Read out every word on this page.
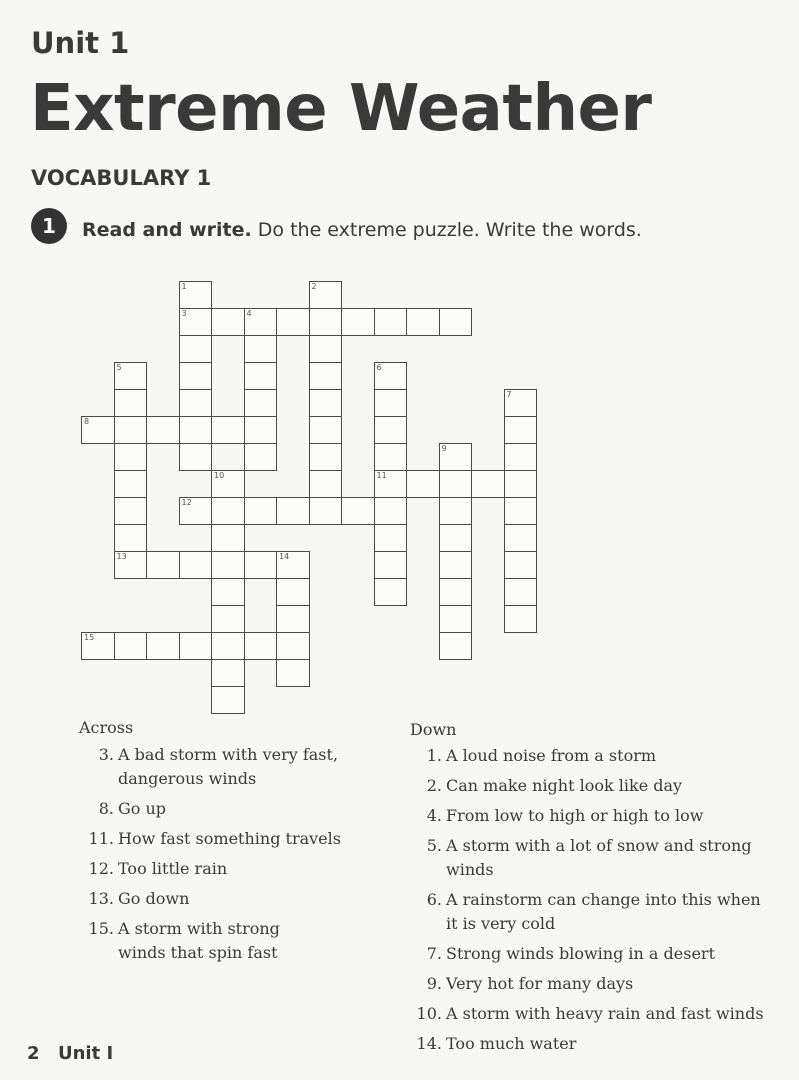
Unit 1
Extreme Weather
VOCABULARY 1
1	Read and write. Do the extreme puzzle. Write the words.
1	2
3	4
5	6
7
8
9
10	11
12
13	14
15
Across
3. A bad storm with very fast,
dangerous winds
8. Go up
11. How fast something travels
12. Too little rain
13. Go down
15. A storm with strong
winds that spin fast
Down
1. A loud noise from a storm
2. Can make night look like day
4. From low to high or high to low
5. A storm with a lot of snow and strong
winds
6. A rainstorm can change into this when
it is very cold
7. Strong winds blowing in a desert
9. Very hot for many days
10. A storm with heavy rain and fast winds
14. Too much water
2 Unit I
